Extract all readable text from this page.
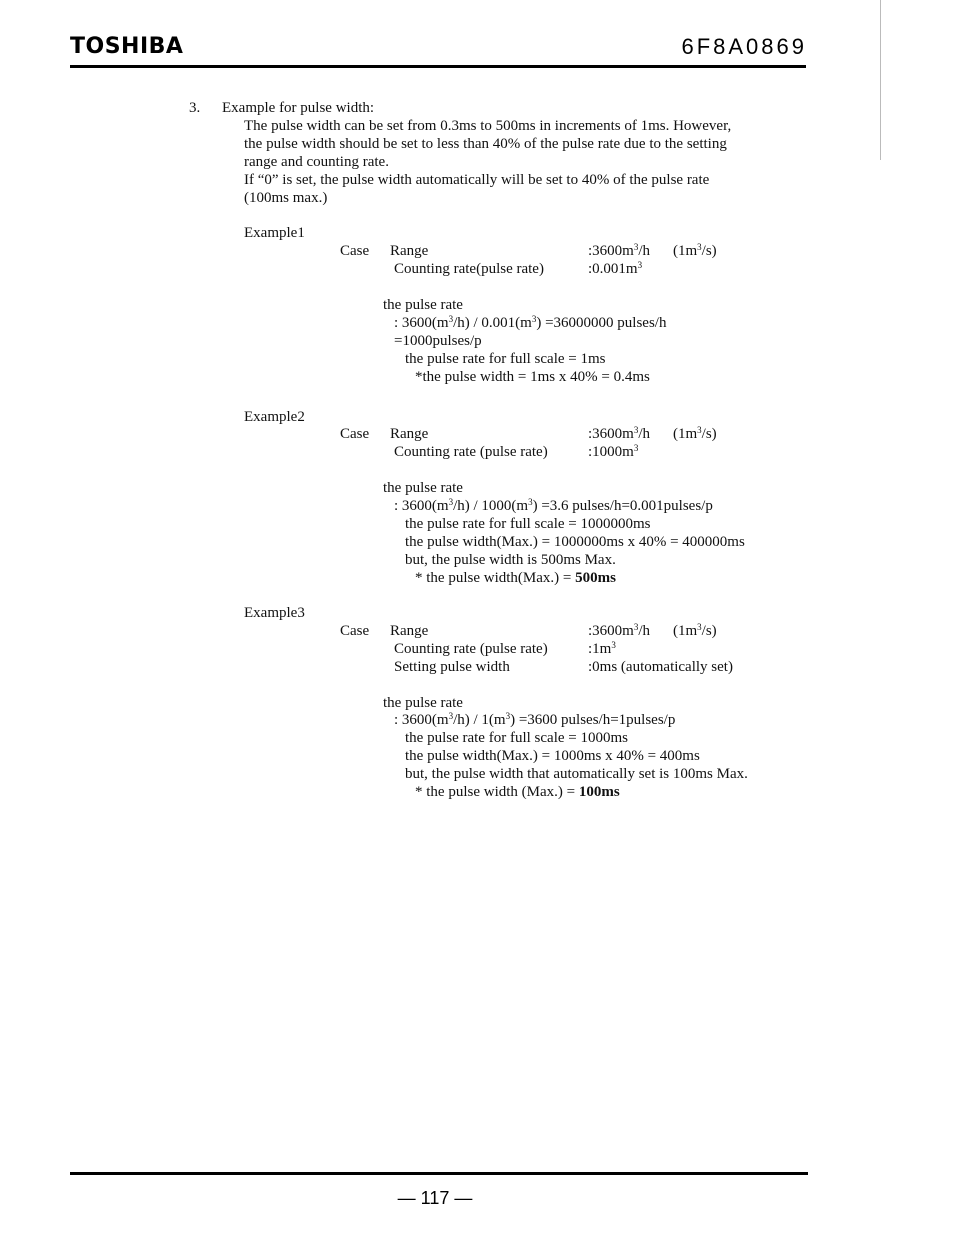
TOSHIBA	6F8A0869
3. Example for pulse width:
The pulse width can be set from 0.3ms to 500ms in increments of 1ms. However,
the pulse width should be set to less than 40% of the pulse rate due to the setting
range and counting rate.
If “0” is set, the pulse width automatically will be set to 40% of the pulse rate
(100ms max.)
Example1
Case Range	$:3600m^3/h$ $(1m^3/s)$
Counting rate(pulse rate)	$:0.001m^3$
the pulse rate
: $3600(m^3/h) / 0.001(m^3) =36000000$ pulses/h
=1000pulses/p
the pulse rate for full scale = 1ms
*the pulse width = 1ms x 40% = 0.4ms
Example2
Case Range	$:3600m^3/h$ $(1m^3/s)$
Counting rate (pulse rate)	$:1000m^3$
the pulse rate
: $3600(m^3/h) / 1000(m^3) =3.6$ pulses/h=0.001pulses/p
the pulse rate for full scale = 1000000ms
the pulse width(Max.) = 1000000ms x 40% = 400000ms
but, the pulse width is 500ms Max.
* the pulse width(Max.) = 500ms
Example3
Case Range	$:3600m^3/h$ $(1m^3/s)$
Counting rate (pulse rate)	$:1m^3$
Setting pulse width	:0ms (automatically set)
the pulse rate
: $3600(m^3/h) / 1(m^3) =3600$ pulses/h=1pulses/p
the pulse rate for full scale = 1000ms
the pulse width(Max.) = 1000ms x 40% = 400ms
but, the pulse width that automatically set is 100ms Max.
* the pulse width (Max.) = 100ms
— 117 —
